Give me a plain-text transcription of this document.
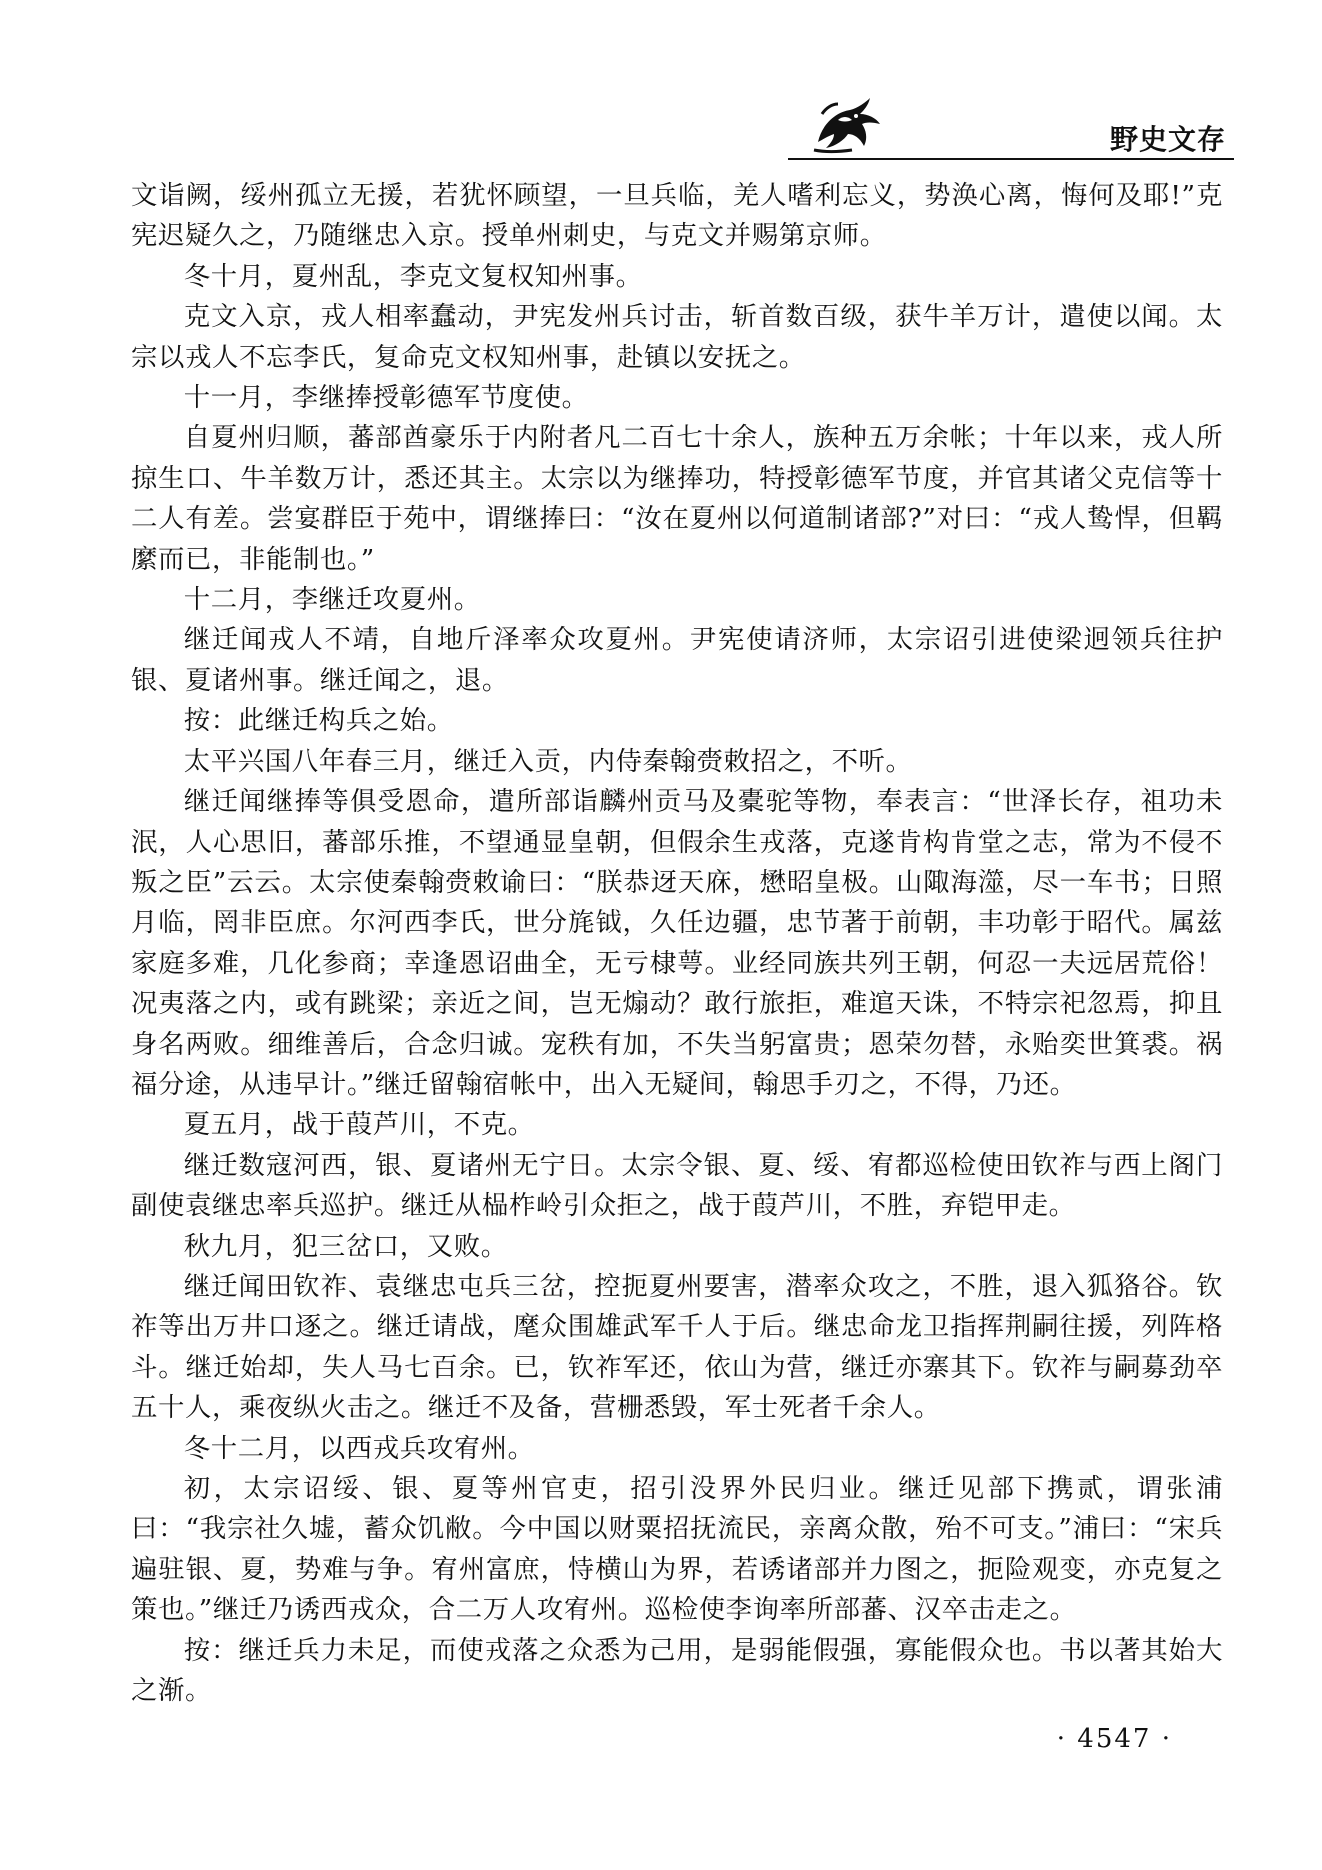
野史文存

文诣阙，绥州孤立无援，若犹怀顾望，一旦兵临，羌人嗜利忘义，势涣心离，悔何及耶!”克宪迟疑久之，乃随继忠入京。授单州刺史，与克文并赐第京师。

冬十月，夏州乱，李克文复权知州事。

克文入京，戎人相率蠢动，尹宪发州兵讨击，斩首数百级，获牛羊万计，遣使以闻。太宗以戎人不忘李氏，复命克文权知州事，赴镇以安抚之。

十一月，李继捧授彰德军节度使。

自夏州归顺，蕃部酋豪乐于内附者凡二百七十余人，族种五万余帐；十年以来，戎人所掠生口、牛羊数万计，悉还其主。太宗以为继捧功，特授彰德军节度，并官其诸父克信等十二人有差。尝宴群臣于苑中，谓继捧曰：“汝在夏州以何道制诸部?”对曰：“戎人鸷悍，但羁縻而已，非能制也。”

十二月，李继迁攻夏州。

继迁闻戎人不靖，自地斤泽率众攻夏州。尹宪使请济师，太宗诏引进使梁迥领兵往护银、夏诸州事。继迁闻之，退。

按：此继迁构兵之始。

太平兴国八年春三月，继迁入贡，内侍秦翰赍敕招之，不听。

继迁闻继捧等俱受恩命，遣所部诣麟州贡马及橐驼等物，奉表言：“世泽长存，祖功未泯，人心思旧，蕃部乐推，不望通显皇朝，但假余生戎落，克遂肯构肯堂之志，常为不侵不叛之臣”云云。太宗使秦翰赍敕谕曰：“朕恭迓天庥，懋昭皇极。山陬海澨，尽一车书；日照月临，罔非臣庶。尔河西李氏，世分旄钺，久任边疆，忠节著于前朝，丰功彰于昭代。属兹家庭多难，几化参商；幸逢恩诏曲全，无亏棣萼。业经同族共列王朝，何忍一夫远居荒俗！况夷落之内，或有跳梁；亲近之间，岂无煽动？敢行旅拒，难逭天诛，不特宗祀忽焉，抑且身名两败。细维善后，合念归诚。宠秩有加，不失当躬富贵；恩荣勿替，永贻奕世箕裘。祸福分途，从违早计。”继迁留翰宿帐中，出入无疑间，翰思手刃之，不得，乃还。

夏五月，战于葭芦川，不克。

继迁数寇河西，银、夏诸州无宁日。太宗令银、夏、绥、宥都巡检使田钦祚与西上阁门副使袁继忠率兵巡护。继迁从榀柞岭引众拒之，战于葭芦川，不胜，弃铠甲走。

秋九月，犯三岔口，又败。

继迁闻田钦祚、袁继忠屯兵三岔，控扼夏州要害，潜率众攻之，不胜，退入狐狢谷。钦祚等出万井口逐之。继迁请战，麾众围雄武军千人于后。继忠命龙卫指挥荆嗣往援，列阵格斗。继迁始却，失人马七百余。已，钦祚军还，依山为营，继迁亦寨其下。钦祚与嗣募劲卒五十人，乘夜纵火击之。继迁不及备，营栅悉毁，军士死者千余人。

冬十二月，以西戎兵攻宥州。

初，太宗诏绥、银、夏等州官吏，招引没界外民归业。继迁见部下携贰，谓张浦曰：“我宗社久墟，蓄众饥敝。今中国以财粟招抚流民，亲离众散，殆不可支。”浦曰：“宋兵遍驻银、夏，势难与争。宥州富庶，恃横山为界，若诱诸部并力图之，扼险观变，亦克复之策也。”继迁乃诱西戎众，合二万人攻宥州。巡检使李询率所部蕃、汉卒击走之。

按：继迁兵力未足，而使戎落之众悉为己用，是弱能假强，寡能假众也。书以著其始大之渐。

· 4547 ·
